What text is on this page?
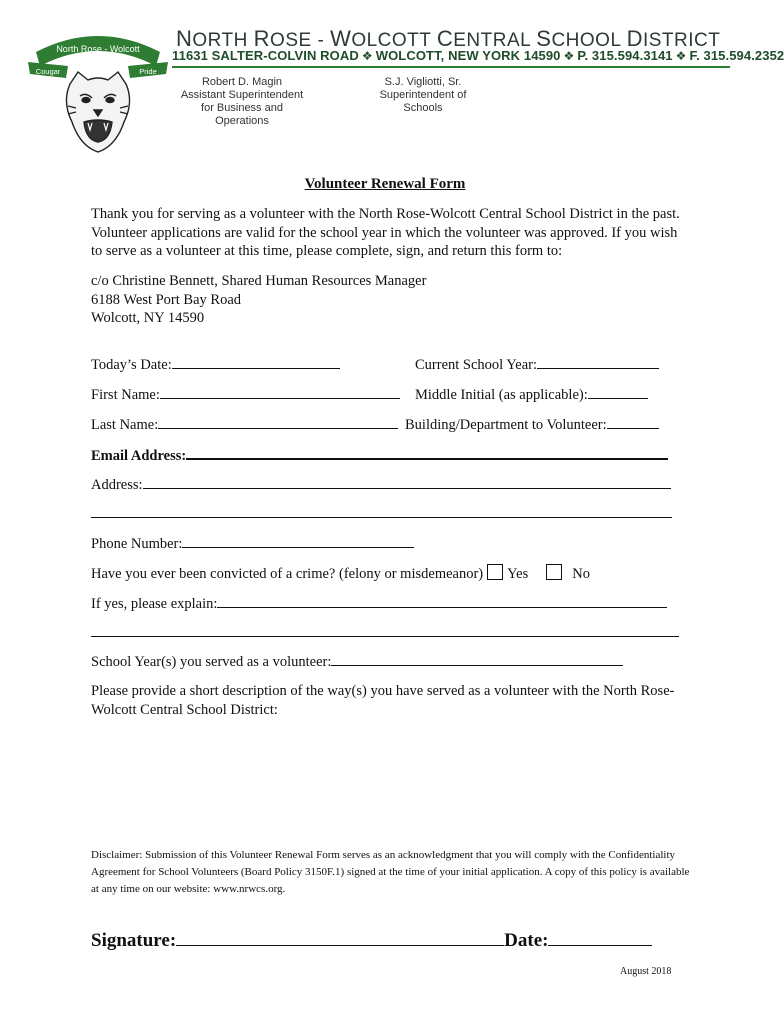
North Rose - Wolcott
Cougar	Pride
NORTH ROSE - WOLCOTT CENTRAL SCHOOL DISTRICT
11631 SALTER-COLVIN ROAD ❖ WOLCOTT, NEW YORK 14590 ❖ P. 315.594.3141 ❖ F. 315.594.2352
Robert D. Magin
Assistant Superintendent
for Business and Operations
S.J. Vigliotti, Sr.
Superintendent of Schools
Volunteer Renewal Form
Thank you for serving as a volunteer with the North Rose-Wolcott Central School District in the past. Volunteer applications are valid for the school year in which the volunteer was approved. If you wish to serve as a volunteer at this time, please complete, sign, and return this form to:
c/o Christine Bennett, Shared Human Resources Manager
6188 West Port Bay Road
Wolcott, NY 14590
Today’s Date:	Current School Year:
First Name:	Middle Initial (as applicable):
Last Name:	Building/Department to Volunteer:
Email Address:
Address:
Phone Number:
Have you ever been convicted of a crime? (felony or misdemeanor) Yes	No
If yes, please explain:
School Year(s) you served as a volunteer:
Please provide a short description of the way(s) you have served as a volunteer with the North Rose-Wolcott Central School District:
Disclaimer: Submission of this Volunteer Renewal Form serves as an acknowledgment that you will comply with the Confidentiality Agreement for School Volunteers (Board Policy 3150F.1) signed at the time of your initial application. A copy of this policy is available at any time on our website: www.nrwcs.org.
Signature:	Date:
August 2018
